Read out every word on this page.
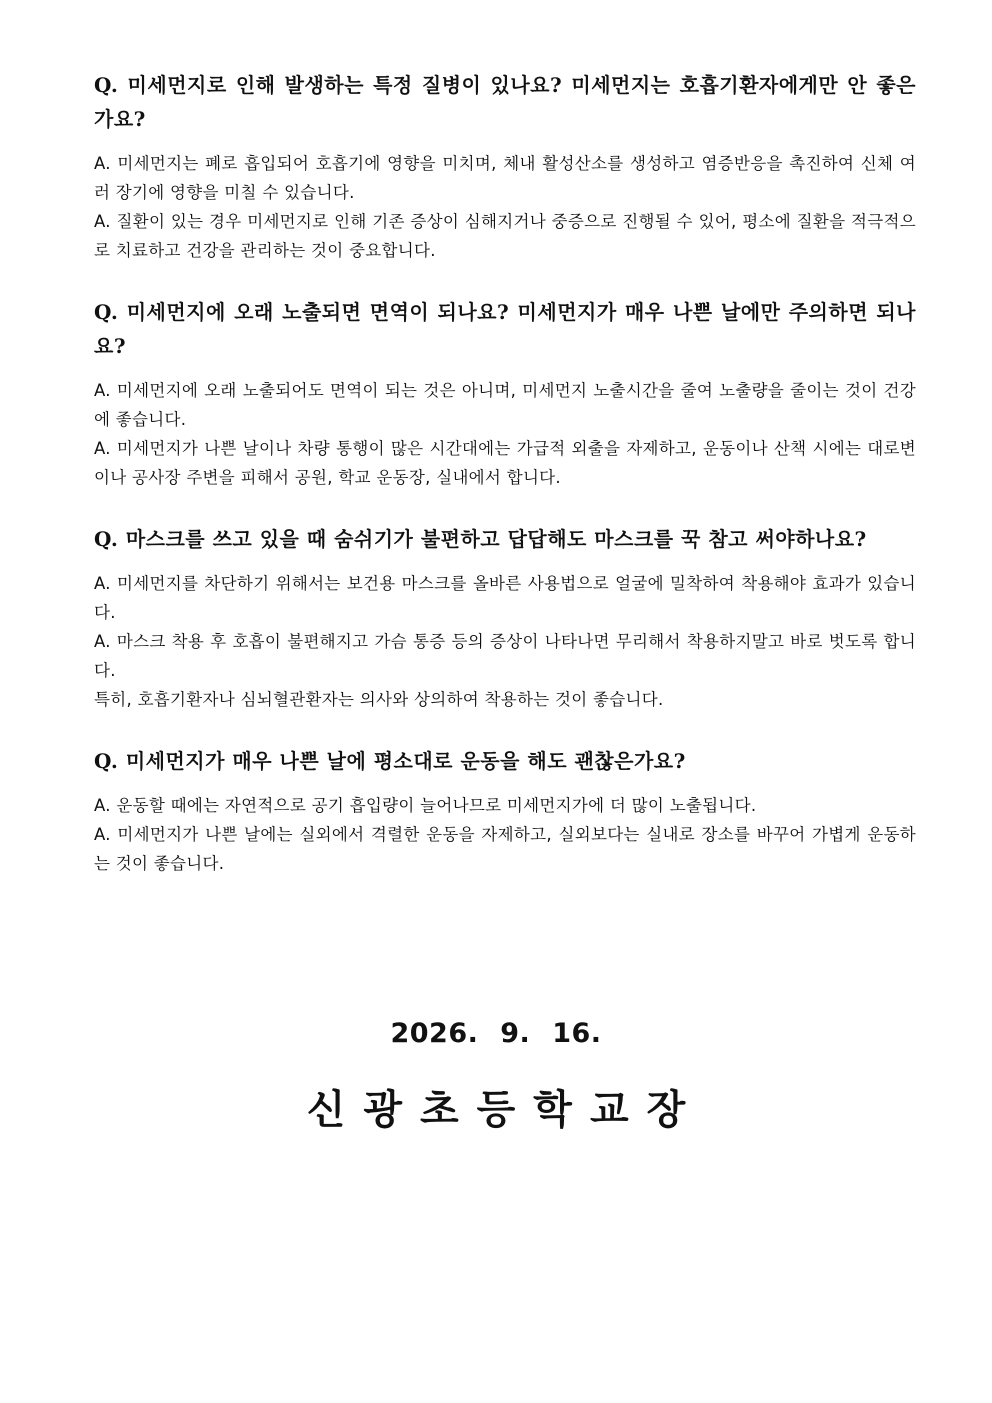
Q. 미세먼지로 인해 발생하는 특정 질병이 있나요? 미세먼지는 호흡기환자에게만 안 좋은가요?

A. 미세먼지는 폐로 흡입되어 호흡기에 영향을 미치며, 체내 활성산소를 생성하고 염증반응을 촉진하여 신체 여러 장기에 영향을 미칠 수 있습니다.

A. 질환이 있는 경우 미세먼지로 인해 기존 증상이 심해지거나 중증으로 진행될 수 있어, 평소에 질환을 적극적으로 치료하고 건강을 관리하는 것이 중요합니다.

Q. 미세먼지에 오래 노출되면 면역이 되나요? 미세먼지가 매우 나쁜 날에만 주의하면 되나요?

A. 미세먼지에 오래 노출되어도 면역이 되는 것은 아니며, 미세먼지 노출시간을 줄여 노출량을 줄이는 것이 건강에 좋습니다.

A. 미세먼지가 나쁜 날이나 차량 통행이 많은 시간대에는 가급적 외출을 자제하고, 운동이나 산책 시에는 대로변이나 공사장 주변을 피해서 공원, 학교 운동장, 실내에서 합니다.

Q. 마스크를 쓰고 있을 때 숨쉬기가 불편하고 답답해도 마스크를 꾹 참고 써야하나요?

A. 미세먼지를 차단하기 위해서는 보건용 마스크를 올바른 사용법으로 얼굴에 밀착하여 착용해야 효과가 있습니다.

A. 마스크 착용 후 호흡이 불편해지고 가슴 통증 등의 증상이 나타나면 무리해서 착용하지말고 바로 벗도록 합니다.

특히, 호흡기환자나 심뇌혈관환자는 의사와 상의하여 착용하는 것이 좋습니다.

Q. 미세먼지가 매우 나쁜 날에 평소대로 운동을 해도 괜찮은가요?

A. 운동할 때에는 자연적으로 공기 흡입량이 늘어나므로 미세먼지가에 더 많이 노출됩니다.

A. 미세먼지가 나쁜 날에는 실외에서 격렬한 운동을 자제하고, 실외보다는 실내로 장소를 바꾸어 가볍게 운동하는 것이 좋습니다.

2026. 9. 16.
신광초등학교장
